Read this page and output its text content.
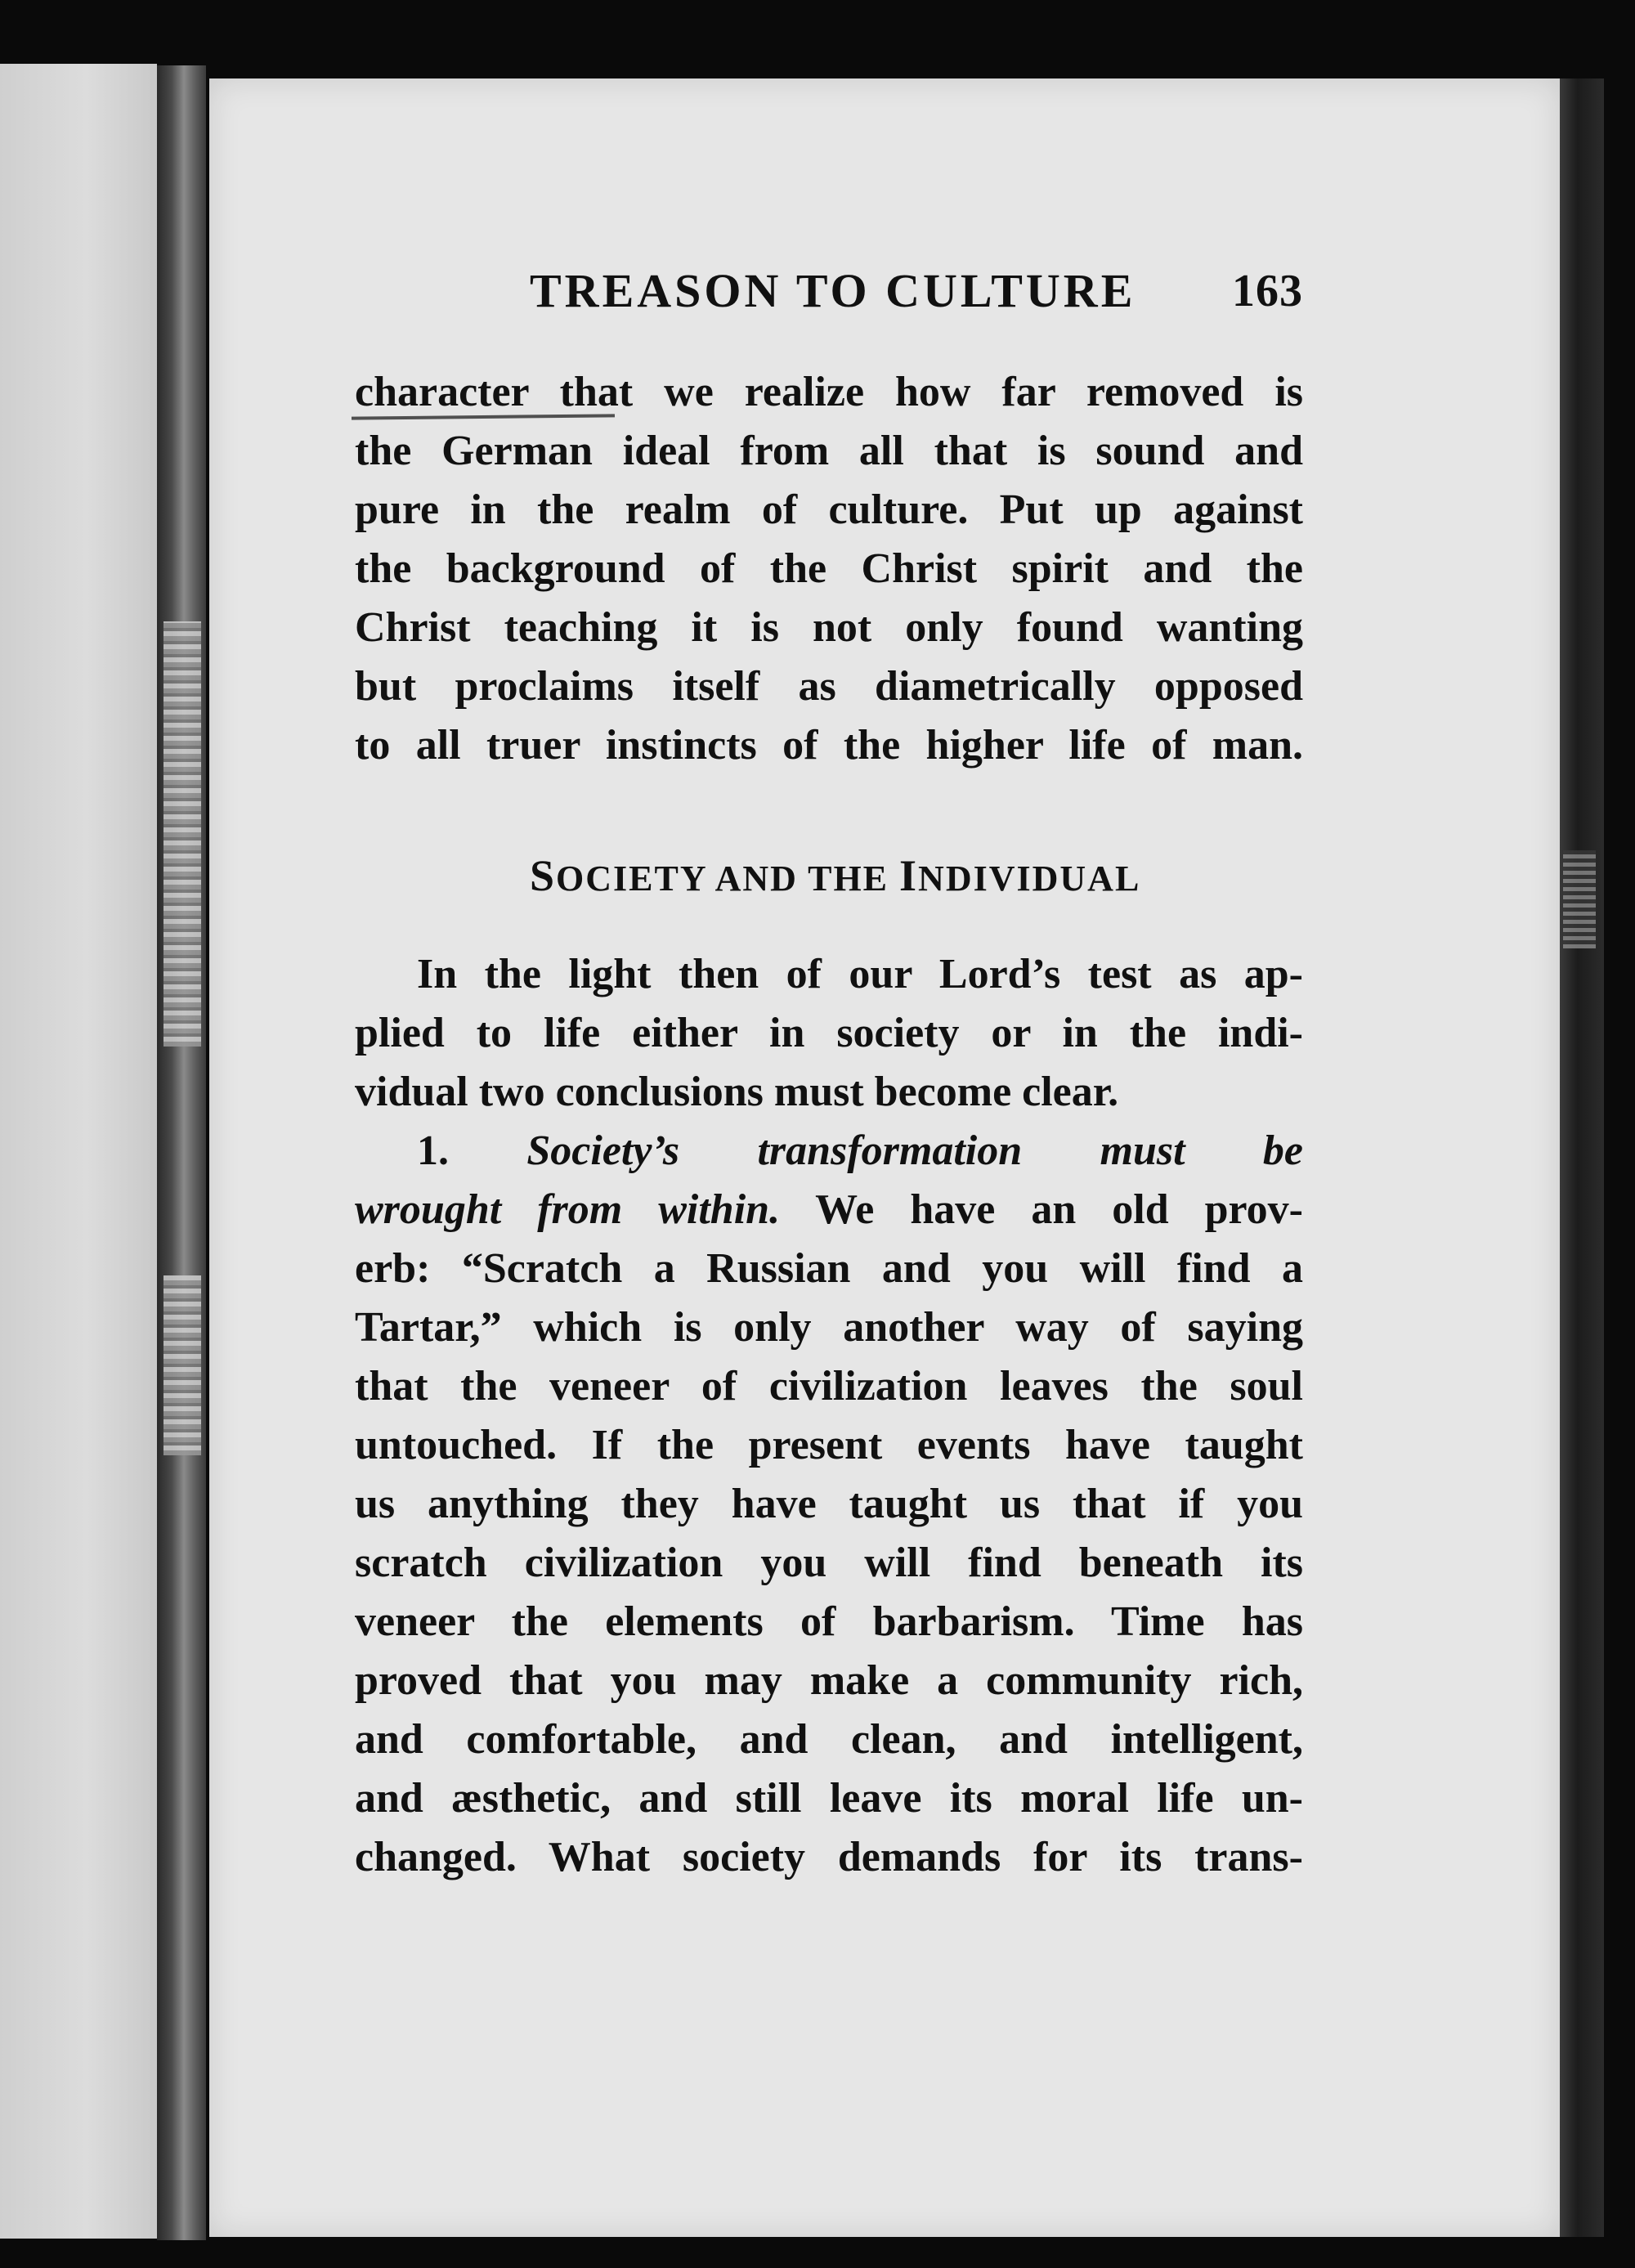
TREASON TO CULTURE 163
character that we realize how far removed is
the German ideal from all that is sound and
pure in the realm of culture. Put up against
the background of the Christ spirit and the
Christ teaching it is not only found wanting
but proclaims itself as diametrically opposed
to all truer instincts of the higher life of man.
SOCIETY AND THE INDIVIDUAL
In the light then of our Lord’s test as ap-
plied to life either in society or in the indi-
vidual two conclusions must become clear.
1. Society’s transformation must be
wrought from within. We have an old prov-
erb: “Scratch a Russian and you will find a
Tartar,” which is only another way of saying
that the veneer of civilization leaves the soul
untouched. If the present events have taught
us anything they have taught us that if you
scratch civilization you will find beneath its
veneer the elements of barbarism. Time has
proved that you may make a community rich,
and comfortable, and clean, and intelligent,
and æsthetic, and still leave its moral life un-
changed. What society demands for its trans-
